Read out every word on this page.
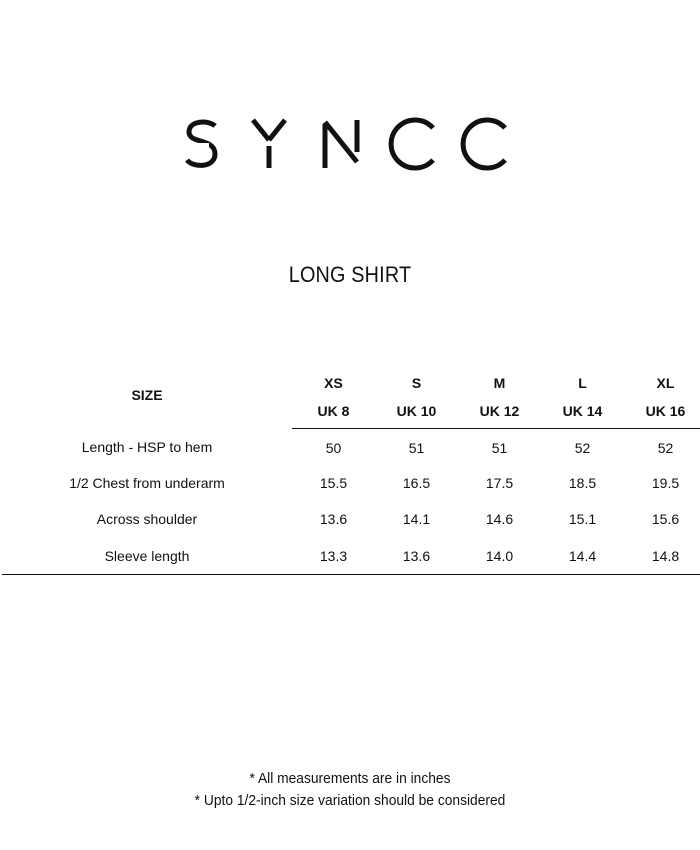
LONG SHIRT
SIZE	XS	S	M	L	XL
	UK 8	UK 10	UK 12	UK 14	UK 16
Length - HSP to hem	50	51	51	52	52
1/2 Chest from underarm	15.5	16.5	17.5	18.5	19.5
Across shoulder	13.6	14.1	14.6	15.1	15.6
Sleeve length	13.3	13.6	14.0	14.4	14.8
* All measurements are in inches
* Upto 1/2-inch size variation should be considered
